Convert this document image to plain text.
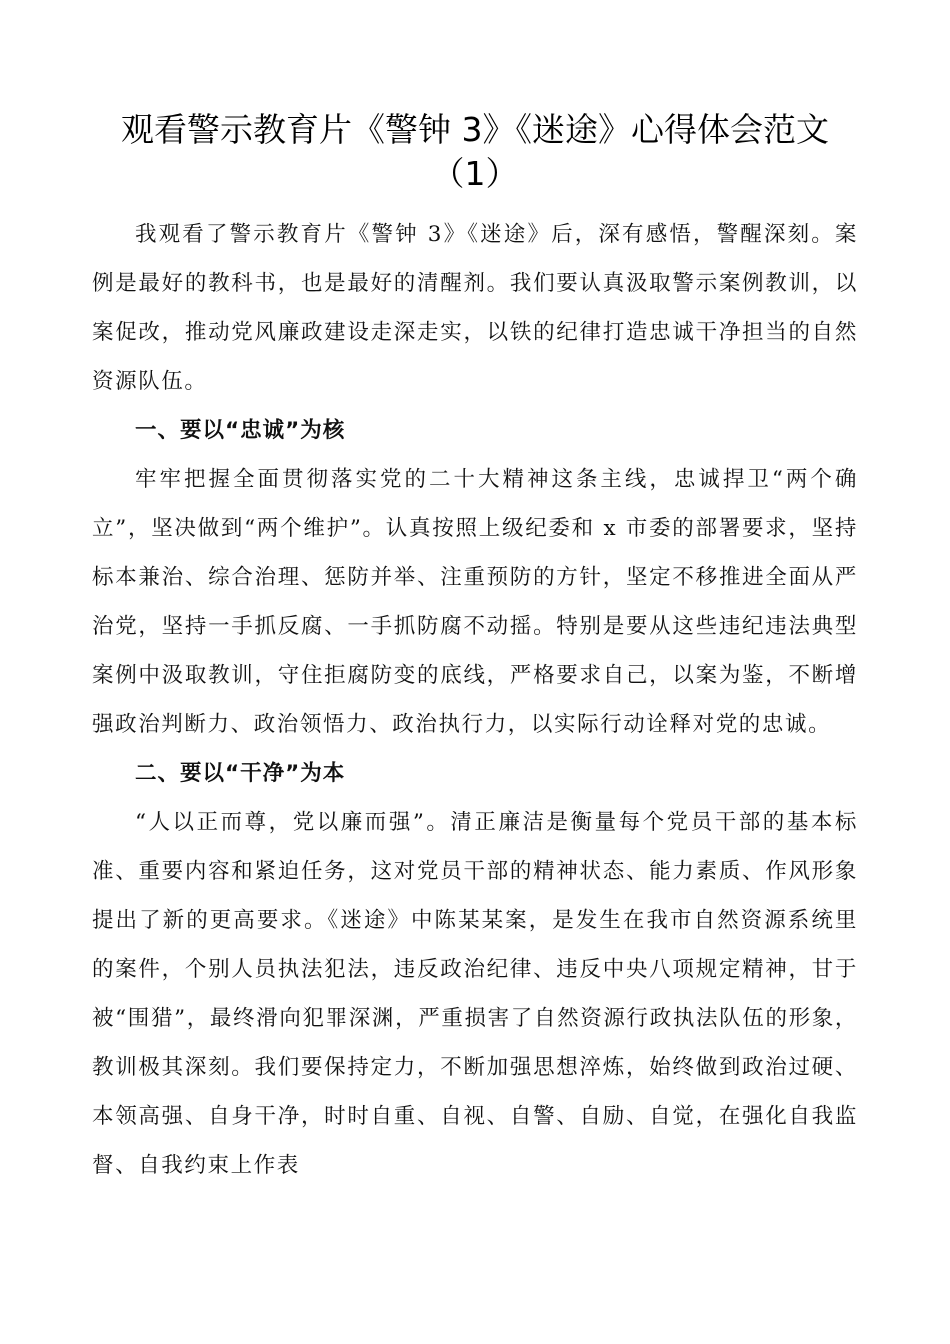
观看警示教育片《警钟 3》《迷途》心得体会范文
（1）

我观看了警示教育片《警钟 3》《迷途》后，深有感悟，警醒深刻。案例是最好的教科书，也是最好的清醒剂。我们要认真汲取警示案例教训，以案促改，推动党风廉政建设走深走实，以铁的纪律打造忠诚干净担当的自然资源队伍。

一、要以“忠诚”为核

牢牢把握全面贯彻落实党的二十大精神这条主线，忠诚捍卫“两个确立”，坚决做到“两个维护”。认真按照上级纪委和 x 市委的部署要求，坚持标本兼治、综合治理、惩防并举、注重预防的方针，坚定不移推进全面从严治党，坚持一手抓反腐、一手抓防腐不动摇。特别是要从这些违纪违法典型案例中汲取教训，守住拒腐防变的底线，严格要求自己，以案为鉴，不断增强政治判断力、政治领悟力、政治执行力，以实际行动诠释对党的忠诚。

二、要以“干净”为本

“人以正而尊，党以廉而强”。清正廉洁是衡量每个党员干部的基本标准、重要内容和紧迫任务，这对党员干部的精神状态、能力素质、作风形象提出了新的更高要求。《迷途》中陈某某案，是发生在我市自然资源系统里的案件，个别人员执法犯法，违反政治纪律、违反中央八项规定精神，甘于被“围猎”，最终滑向犯罪深渊，严重损害了自然资源行政执法队伍的形象，教训极其深刻。我们要保持定力，不断加强思想淬炼，始终做到政治过硬、本领高强、自身干净，时时自重、自视、自警、自励、自觉，在强化自我监督、自我约束上作表
